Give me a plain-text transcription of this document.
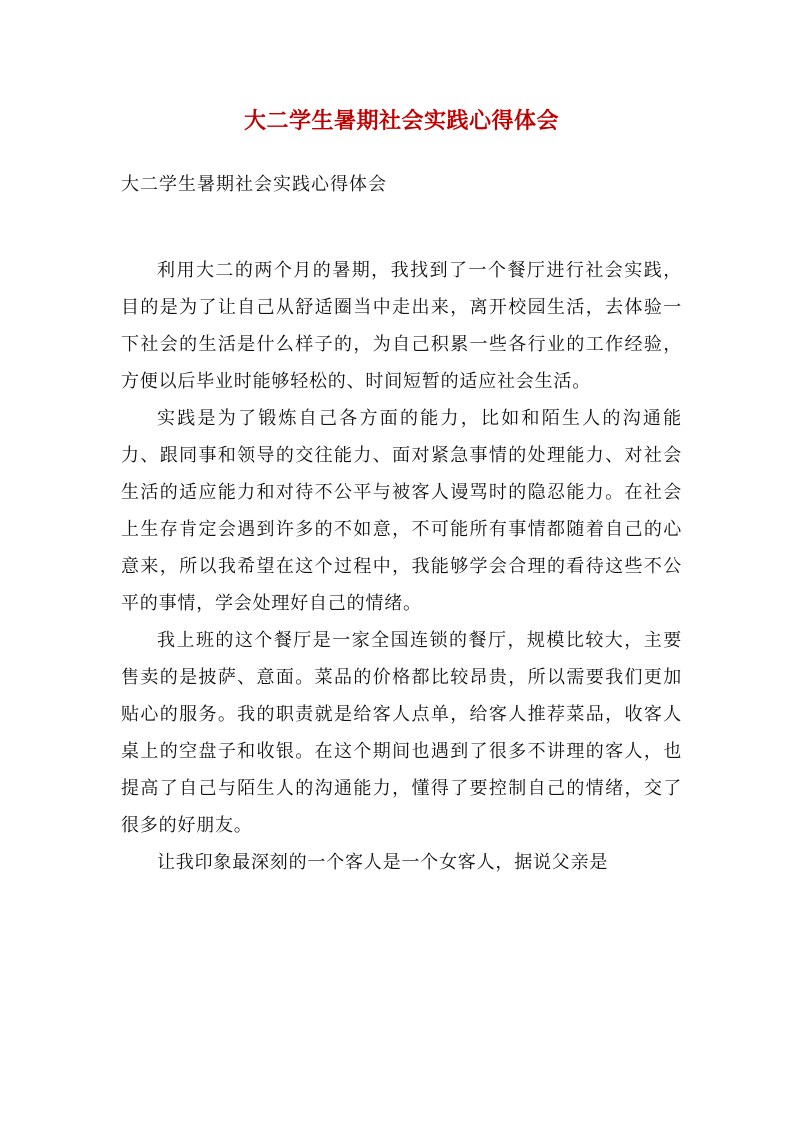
大二学生暑期社会实践心得体会

大二学生暑期社会实践心得体会

利用大二的两个月的暑期，我找到了一个餐厅进行社会实践，目的是为了让自己从舒适圈当中走出来，离开校园生活，去体验一下社会的生活是什么样子的，为自己积累一些各行业的工作经验，方便以后毕业时能够轻松的、时间短暂的适应社会生活。

实践是为了锻炼自己各方面的能力，比如和陌生人的沟通能力、跟同事和领导的交往能力、面对紧急事情的处理能力、对社会生活的适应能力和对待不公平与被客人谩骂时的隐忍能力。在社会上生存肯定会遇到许多的不如意，不可能所有事情都随着自己的心意来，所以我希望在这个过程中，我能够学会合理的看待这些不公平的事情，学会处理好自己的情绪。

我上班的这个餐厅是一家全国连锁的餐厅，规模比较大，主要售卖的是披萨、意面。菜品的价格都比较昂贵，所以需要我们更加贴心的服务。我的职责就是给客人点单，给客人推荐菜品，收客人桌上的空盘子和收银。在这个期间也遇到了很多不讲理的客人，也提高了自己与陌生人的沟通能力，懂得了要控制自己的情绪，交了很多的好朋友。

让我印象最深刻的一个客人是一个女客人，据说父亲是
